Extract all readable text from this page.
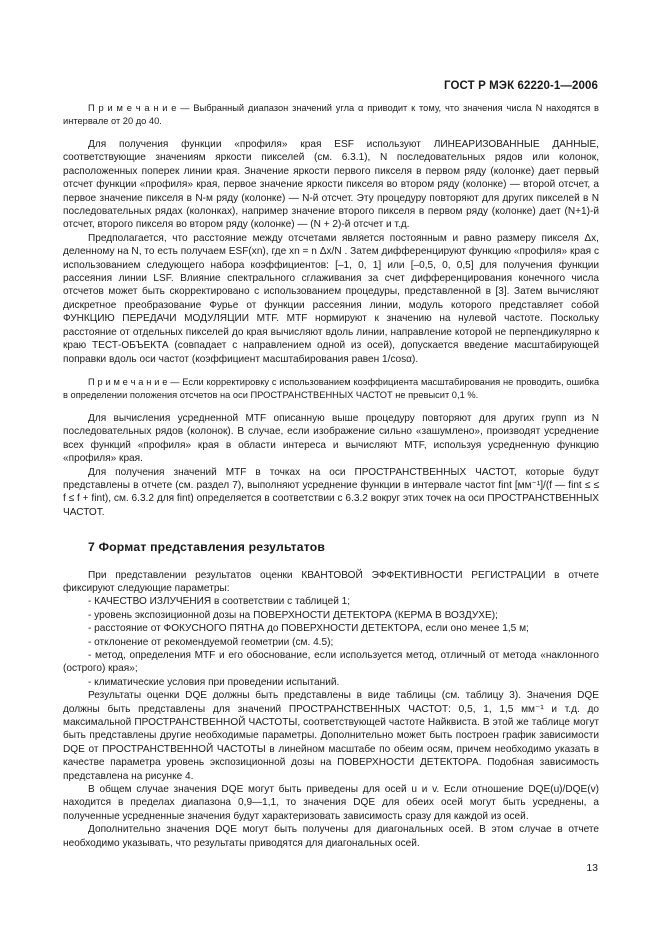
ГОСТ Р МЭК 62220-1—2006

П р и м е ч а н и е — Выбранный диапазон значений угла α приводит к тому, что значения числа N находятся в интервале от 20 до 40.

Для получения функции «профиля» края ESF используют ЛИНЕАРИЗОВАННЫЕ ДАННЫЕ, соответствующие значениям яркости пикселей (см. 6.3.1), N последовательных рядов или колонок, расположенных поперек линии края. Значение яркости первого пикселя в первом ряду (колонке) дает первый отсчет функции «профиля» края, первое значение яркости пикселя во втором ряду (колонке) — второй отсчет, а первое значение пикселя в N-м ряду (колонке) — N-й отсчет. Эту процедуру повторяют для других пикселей в N последовательных рядах (колонках), например значение второго пикселя в первом ряду (колонке) дает (N+1)-й отсчет, второго пикселя во втором ряду (колонке) — (N + 2)-й отсчет и т.д.

Предполагается, что расстояние между отсчетами является постоянным и равно размеру пикселя Δx, деленному на N, то есть получаем ESF(xn), где xn = n Δx/N . Затем дифференцируют функцию «профиля» края с использованием следующего набора коэффициентов: [–1, 0, 1] или [–0,5, 0, 0,5] для получения функции рассеяния линии LSF. Влияние спектрального сглаживания за счет дифференцирования конечного числа отсчетов может быть скорректировано с использованием процедуры, представленной в [3]. Затем вычисляют дискретное преобразование Фурье от функции рассеяния линии, модуль которого представляет собой ФУНКЦИЮ ПЕРЕДАЧИ МОДУЛЯЦИИ MTF. MTF нормируют к значению на нулевой частоте. Поскольку расстояние от отдельных пикселей до края вычисляют вдоль линии, направление которой не перпендикулярно к краю ТЕСТ-ОБЪЕКТА (совпадает с направлением одной из осей), допускается введение масштабирующей поправки вдоль оси частот (коэффициент масштабирования равен 1/cosα).

П р и м е ч а н и е — Если корректировку с использованием коэффициента масштабирования не проводить, ошибка в определении положения отсчетов на оси ПРОСТРАНСТВЕННЫХ ЧАСТОТ не превысит 0,1 %.

Для вычисления усредненной MTF описанную выше процедуру повторяют для других групп из N последовательных рядов (колонок). В случае, если изображение сильно «зашумлено», производят усреднение всех функций «профиля» края в области интереса и вычисляют MTF, используя усредненную функцию «профиля» края.

Для получения значений MTF в точках на оси ПРОСТРАНСТВЕННЫХ ЧАСТОТ, которые будут представлены в отчете (см. раздел 7), выполняют усреднение функции в интервале частот fint [мм⁻¹]/(f — fint ≤ ≤ f ≤ f + fint), см. 6.3.2 для fint) определяется в соответствии с 6.3.2 вокруг этих точек на оси ПРОСТРАНСТВЕННЫХ ЧАСТОТ.

7 Формат представления результатов

При представлении результатов оценки КВАНТОВОЙ ЭФФЕКТИВНОСТИ РЕГИСТРАЦИИ в отчете фиксируют следующие параметры:

- КАЧЕСТВО ИЗЛУЧЕНИЯ в соответствии с таблицей 1;

- уровень экспозиционной дозы на ПОВЕРХНОСТИ ДЕТЕКТОРА (КЕРМА В ВОЗДУХЕ);

- расстояние от ФОКУСНОГО ПЯТНА до ПОВЕРХНОСТИ ДЕТЕКТОРА, если оно менее 1,5 м;

- отклонение от рекомендуемой геометрии (см. 4.5);

- метод, определения MTF и его обоснование, если используется метод, отличный от метода «наклонного (острого) края»;

- климатические условия при проведении испытаний.

Результаты оценки DQE должны быть представлены в виде таблицы (см. таблицу 3). Значения DQE должны быть представлены для значений ПРОСТРАНСТВЕННЫХ ЧАСТОТ: 0,5, 1, 1,5 мм⁻¹ и т.д. до максимальной ПРОСТРАНСТВЕННОЙ ЧАСТОТЫ, соответствующей частоте Найквиста. В этой же таблице могут быть представлены другие необходимые параметры. Дополнительно может быть построен график зависимости DQE от ПРОСТРАНСТВЕННОЙ ЧАСТОТЫ в линейном масштабе по обеим осям, причем необходимо указать в качестве параметра уровень экспозиционной дозы на ПОВЕРХНОСТИ ДЕТЕКТОРА. Подобная зависимость представлена на рисунке 4.

В общем случае значения DQE могут быть приведены для осей u и v. Если отношение DQE(u)/DQE(v) находится в пределах диапазона 0,9—1,1, то значения DQE для обеих осей могут быть усреднены, а полученные усредненные значения будут характеризовать зависимость сразу для каждой из осей.

Дополнительно значения DQE могут быть получены для диагональных осей. В этом случае в отчете необходимо указывать, что результаты приводятся для диагональных осей.

13
